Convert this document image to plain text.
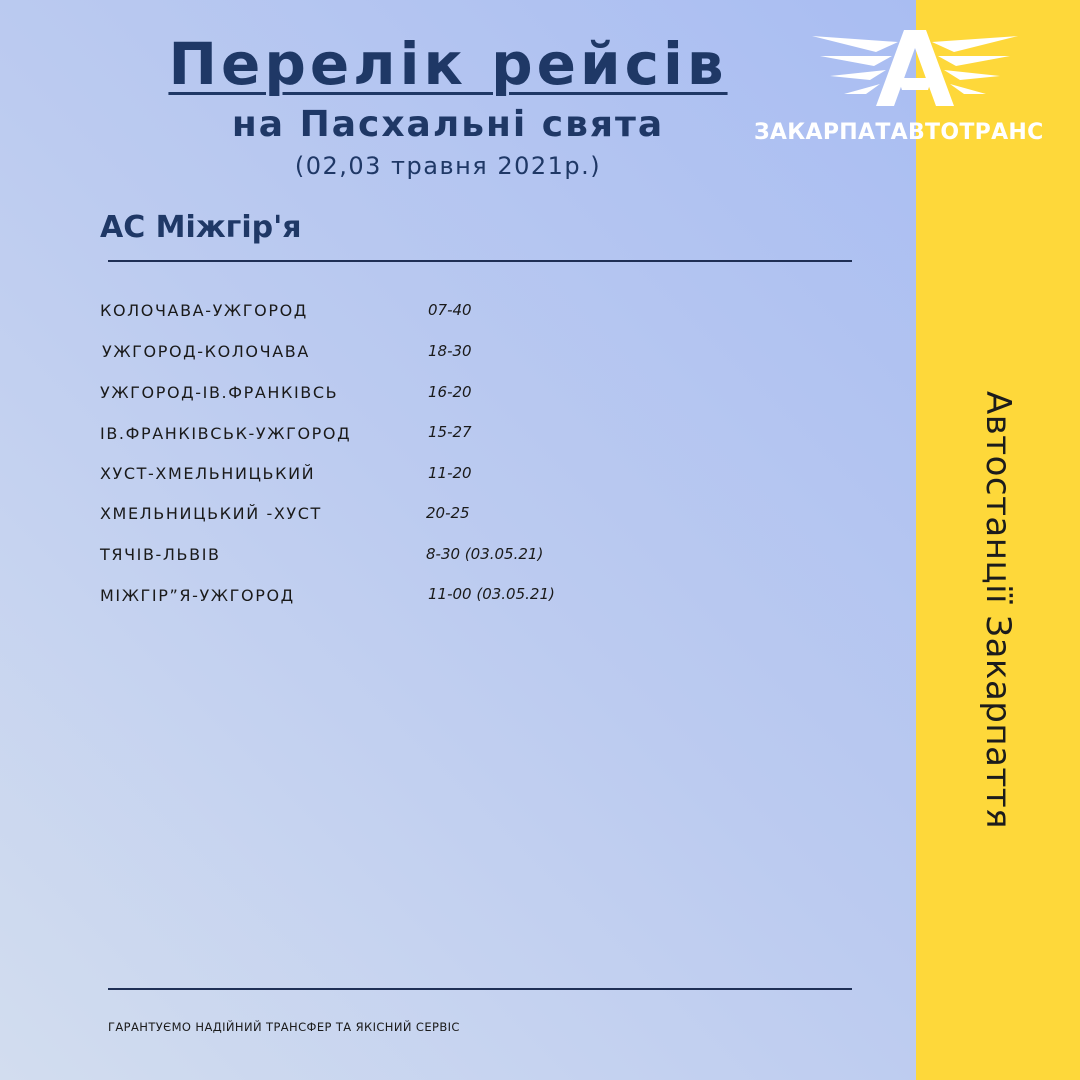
Автостанції Закарпаття
ЗАКАРПАТАВТОТРАНС
Перелік рейсів
на Пасхальні свята

(02,03 травня 2021р.)

АС Міжгір'я
КОЛОЧАВА-УЖГОРОД	07-40
УЖГОРОД-КОЛОЧАВА	18-30
УЖГОРОД-ІВ.ФРАНКІВСЬ	16-20
ІВ.ФРАНКІВСЬК-УЖГОРОД	15-27
ХУСТ-ХМЕЛЬНИЦЬКИЙ	11-20
ХМЕЛЬНИЦЬКИЙ -ХУСТ	20-25
ТЯЧІВ-ЛЬВІВ	8-30 (03.05.21)
МІЖГІР”Я-УЖГОРОД	11-00 (03.05.21)

ГАРАНТУЄМО НАДІЙНИЙ ТРАНСФЕР ТА ЯКІСНИЙ СЕРВІС
